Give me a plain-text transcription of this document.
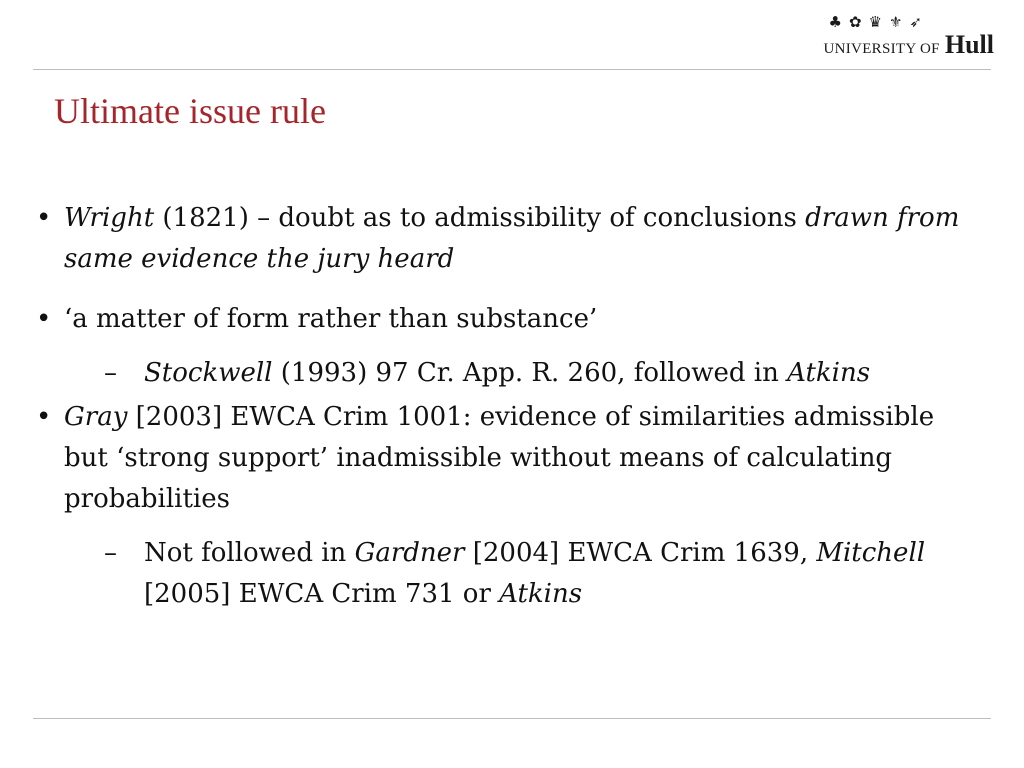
♣ ✿ ♛ ⚜ ➶
UNIVERSITY OF Hull
Ultimate issue rule
• Wright (1821) – doubt as to admissibility of conclusions drawn from same evidence the jury heard
• ‘a matter of form rather than substance’
– Stockwell (1993) 97 Cr. App. R. 260, followed in Atkins
• Gray [2003] EWCA Crim 1001: evidence of similarities admissible but ‘strong support’ inadmissible without means of calculating probabilities
– Not followed in Gardner [2004] EWCA Crim 1639, Mitchell  [2005] EWCA Crim 731 or Atkins
